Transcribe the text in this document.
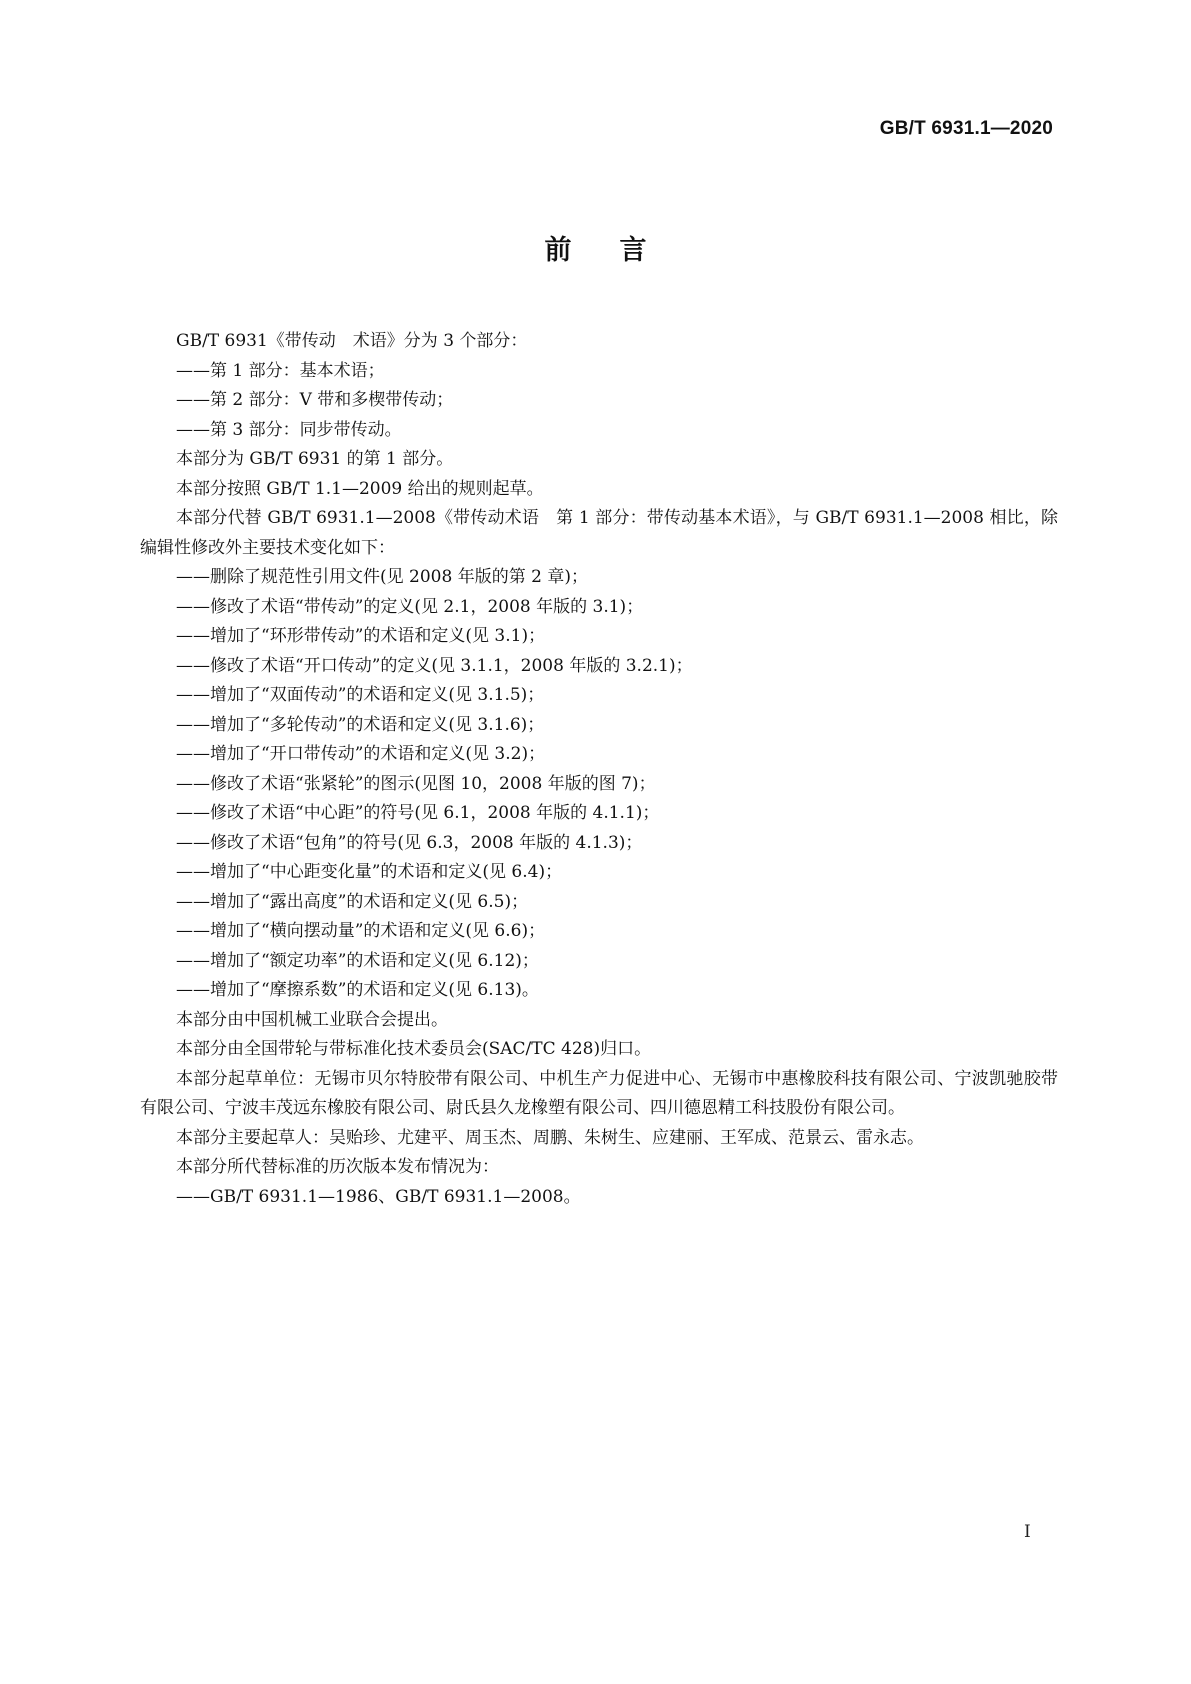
GB/T 6931.1—2020
前言

GB/T 6931《带传动　术语》分为 3 个部分：

——第 1 部分：基本术语；

——第 2 部分：V 带和多楔带传动；

——第 3 部分：同步带传动。

本部分为 GB/T 6931 的第 1 部分。

本部分按照 GB/T 1.1—2009 给出的规则起草。

本部分代替 GB/T 6931.1—2008《带传动术语　第 1 部分：带传动基本术语》，与 GB/T 6931.1—2008 相比，除编辑性修改外主要技术变化如下：

——删除了规范性引用文件(见 2008 年版的第 2 章)；

——修改了术语“带传动”的定义(见 2.1，2008 年版的 3.1)；

——增加了“环形带传动”的术语和定义(见 3.1)；

——修改了术语“开口传动”的定义(见 3.1.1，2008 年版的 3.2.1)；

——增加了“双面传动”的术语和定义(见 3.1.5)；

——增加了“多轮传动”的术语和定义(见 3.1.6)；

——增加了“开口带传动”的术语和定义(见 3.2)；

——修改了术语“张紧轮”的图示(见图 10，2008 年版的图 7)；

——修改了术语“中心距”的符号(见 6.1，2008 年版的 4.1.1)；

——修改了术语“包角”的符号(见 6.3，2008 年版的 4.1.3)；

——增加了“中心距变化量”的术语和定义(见 6.4)；

——增加了“露出高度”的术语和定义(见 6.5)；

——增加了“横向摆动量”的术语和定义(见 6.6)；

——增加了“额定功率”的术语和定义(见 6.12)；

——增加了“摩擦系数”的术语和定义(见 6.13)。

本部分由中国机械工业联合会提出。

本部分由全国带轮与带标准化技术委员会(SAC/TC 428)归口。

本部分起草单位：无锡市贝尔特胶带有限公司、中机生产力促进中心、无锡市中惠橡胶科技有限公司、宁波凯驰胶带有限公司、宁波丰茂远东橡胶有限公司、尉氏县久龙橡塑有限公司、四川德恩精工科技股份有限公司。

本部分主要起草人：吴贻珍、尤建平、周玉杰、周鹏、朱树生、应建丽、王军成、范景云、雷永志。

本部分所代替标准的历次版本发布情况为：

——GB/T 6931.1—1986、GB/T 6931.1—2008。

I
